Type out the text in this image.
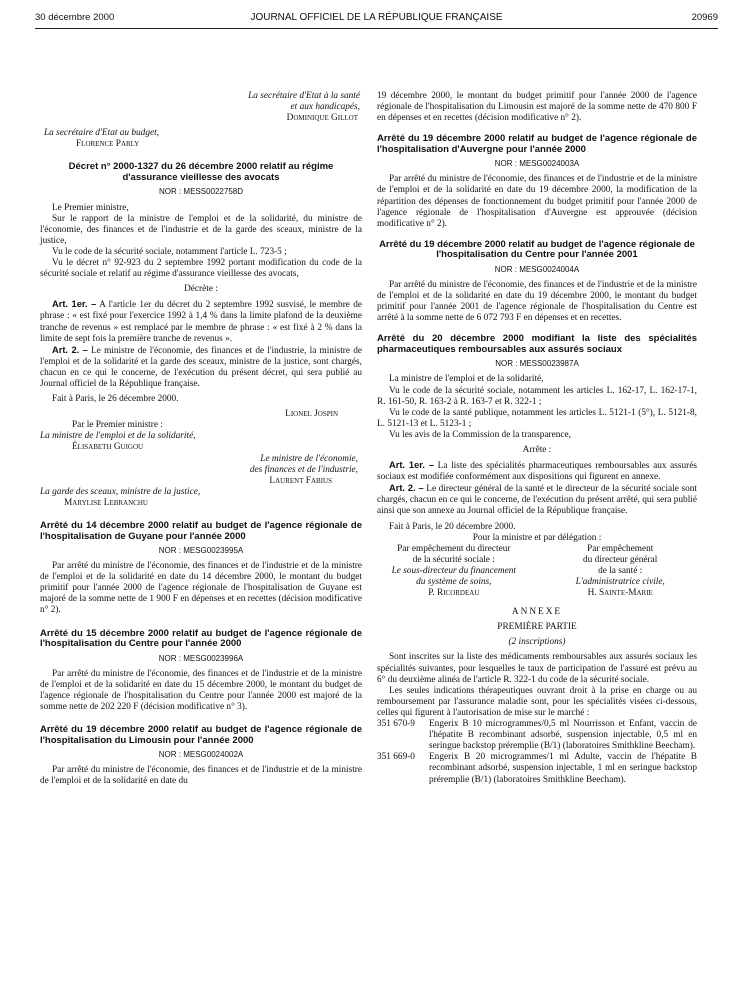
30 décembre 2000	JOURNAL OFFICIEL DE LA RÉPUBLIQUE FRANÇAISE	20969

La secrétaire d'Etat à la santé

et aux handicapés,

Dominique Gillot

La secrétaire d'Etat au budget,

Florence Parly

Décret n° 2000-1327 du 26 décembre 2000 relatif au régime d'assurance vieillesse des avocats

NOR : MESS0022758D

Le Premier ministre,

Sur le rapport de la ministre de l'emploi et de la solidarité, du ministre de l'économie, des finances et de l'industrie et de la garde des sceaux, ministre de la justice,

Vu le code de la sécurité sociale, notamment l'article L. 723-5 ;

Vu le décret n° 92-923 du 2 septembre 1992 portant modification du code de la sécurité sociale et relatif au régime d'assurance vieillesse des avocats,

Décrète :

Art. 1er. – A l'article 1er du décret du 2 septembre 1992 susvisé, le membre de phrase : « est fixé pour l'exercice 1992 à 1,4 % dans la limite plafond de la deuxième tranche de revenus » est remplacé par le membre de phrase : « est fixé à 2 % dans la limite de sept fois la première tranche de revenus ».

Art. 2. – Le ministre de l'économie, des finances et de l'industrie, la ministre de l'emploi et de la solidarité et la garde des sceaux, ministre de la justice, sont chargés, chacun en ce qui le concerne, de l'exécution du présent décret, qui sera publié au Journal officiel de la République française.

Fait à Paris, le 26 décembre 2000.

Lionel Jospin

Par le Premier ministre :

La ministre de l'emploi et de la solidarité,

Élisabeth Guigou

Le ministre de l'économie,

des finances et de l'industrie,

Laurent Fabius

La garde des sceaux, ministre de la justice,

Marylise Lebranchu

Arrêté du 14 décembre 2000 relatif au budget de l'agence régionale de l'hospitalisation de Guyane pour l'année 2000

NOR : MESG0023995A

Par arrêté du ministre de l'économie, des finances et de l'industrie et de la ministre de l'emploi et de la solidarité en date du 14 décembre 2000, le montant du budget primitif pour l'année 2000 de l'agence régionale de l'hospitalisation de Guyane est majoré de la somme nette de 1 900 F en dépenses et en recettes (décision modificative n° 2).

Arrêté du 15 décembre 2000 relatif au budget de l'agence régionale de l'hospitalisation du Centre pour l'année 2000

NOR : MESG0023996A

Par arrêté du ministre de l'économie, des finances et de l'industrie et de la ministre de l'emploi et de la solidarité en date du 15 décembre 2000, le montant du budget de l'agence régionale de l'hospitalisation du Centre pour l'année 2000 est majoré de la somme nette de 202 220 F (décision modificative n° 3).

Arrêté du 19 décembre 2000 relatif au budget de l'agence régionale de l'hospitalisation du Limousin pour l'année 2000

NOR : MESG0024002A

Par arrêté du ministre de l'économie, des finances et de l'industrie et de la ministre de l'emploi et de la solidarité en date du

19 décembre 2000, le montant du budget primitif pour l'année 2000 de l'agence régionale de l'hospitalisation du Limousin est majoré de la somme nette de 470 800 F en dépenses et en recettes (décision modificative n° 2).

Arrêté du 19 décembre 2000 relatif au budget de l'agence régionale de l'hospitalisation d'Auvergne pour l'année 2000

NOR : MESG0024003A

Par arrêté du ministre de l'économie, des finances et de l'industrie et de la ministre de l'emploi et de la solidarité en date du 19 décembre 2000, la modification de la répartition des dépenses de fonctionnement du budget primitif pour l'année 2000 de l'agence régionale de l'hospitalisation d'Auvergne est approuvée (décision modificative n° 2).

Arrêté du 19 décembre 2000 relatif au budget de l'agence régionale de l'hospitalisation du Centre pour l'année 2001

NOR : MESG0024004A

Par arrêté du ministre de l'économie, des finances et de l'industrie et de la ministre de l'emploi et de la solidarité en date du 19 décembre 2000, le montant du budget primitif pour l'année 2001 de l'agence régionale de l'hospitalisation du Centre est arrêté à la somme nette de 6 072 793 F en dépenses et en recettes.

Arrêté du 20 décembre 2000 modifiant la liste des spécialités pharmaceutiques remboursables aux assurés sociaux

NOR : MESS0023987A

La ministre de l'emploi et de la solidarité,

Vu le code de la sécurité sociale, notamment les articles L. 162-17, L. 162-17-1, R. 161-50, R. 163-2 à R. 163-7 et R. 322-1 ;

Vu le code de la santé publique, notamment les articles L. 5121-1 (5°), L. 5121-8, L. 5121-13 et L. 5123-1 ;

Vu les avis de la Commission de la transparence,

Arrête :

Art. 1er. – La liste des spécialités pharmaceutiques remboursables aux assurés sociaux est modifiée conformément aux dispositions qui figurent en annexe.

Art. 2. – Le directeur général de la santé et le directeur de la sécurité sociale sont chargés, chacun en ce qui le concerne, de l'exécution du présent arrêté, qui sera publié ainsi que son annexe au Journal officiel de la République française.

Fait à Paris, le 20 décembre 2000.

Pour la ministre et par délégation :

Par empêchement du directeur

de la sécurité sociale :

Le sous-directeur du financement

du système de soins,

P. Ricordeau

Par empêchement

du directeur général

de la santé :

L'administratrice civile,

H. Sainte-Marie

ANNEXE

PREMIÈRE PARTIE

(2 inscriptions)

Sont inscrites sur la liste des médicaments remboursables aux assurés sociaux les spécialités suivantes, pour lesquelles le taux de participation de l'assuré est prévu au 6° du deuxième alinéa de l'article R. 322-1 du code de la sécurité sociale.

Les seules indications thérapeutiques ouvrant droit à la prise en charge ou au remboursement par l'assurance maladie sont, pour les spécialités visées ci-dessous, celles qui figurent à l'autorisation de mise sur le marché :

351 670-9	Engerix B 10 microgrammes/0,5 ml Nourrisson et Enfant, vaccin de l'hépatite B recombinant adsorbé, suspension injectable, 0,5 ml en seringue backstop préremplie (B/1) (laboratoires Smithkline Beecham).
351 669-0	Engerix B 20 microgrammes/1 ml Adulte, vaccin de l'hépatite B recombinant adsorbé, suspension injectable, 1 ml en seringue backstop préremplie (B/1) (laboratoires Smithkline Beecham).
